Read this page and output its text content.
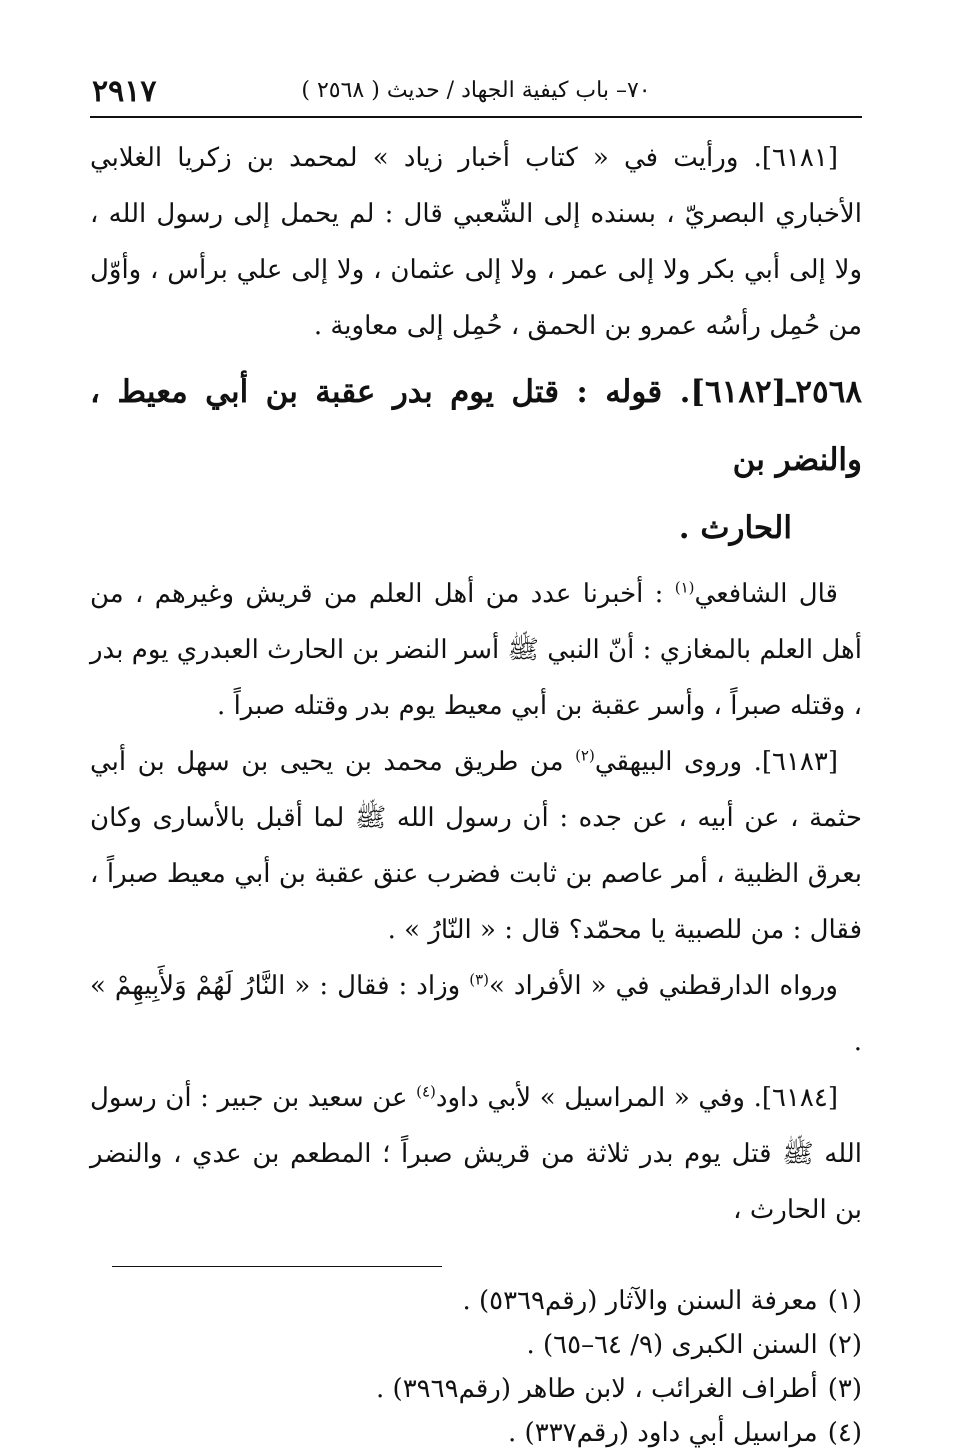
٧٠– باب كيفية الجهاد / حديث ( ٢٥٦٨ )
٢٩١٧

[٦١٨١]. ورأيت في « كتاب أخبار زياد » لمحمد بن زكريا الغلابي الأخباري البصريّ ، بسنده إلى الشّعبي قال : لم يحمل إلى رسول الله ، ولا إلى أبي بكر ولا إلى عمر ، ولا إلى عثمان ، ولا إلى علي برأس ، وأوّل من حُمِل رأسُه عمرو بن الحمق ، حُمِل إلى معاوية .

٢٥٦٨ـ[٦١٨٢]. قوله : قتل يوم بدر عقبة بن أبي معيط ، والنضر بن
الحارث .

قال الشافعي$^{(١)}$ : أخبرنا عدد من أهل العلم من قريش وغيرهم ، من أهل العلم بالمغازي : أنّ النبي ﷺ أسر النضر بن الحارث العبدري يوم بدر ، وقتله صبراً ، وأسر عقبة بن أبي معيط يوم بدر وقتله صبراً .

[٦١٨٣]. وروى البيهقي$^{(٢)}$ من طريق محمد بن يحيى بن سهل بن أبي حثمة ، عن أبيه ، عن جده : أن رسول الله ﷺ لما أقبل بالأسارى وكان بعرق الظبية ، أمر عاصم بن ثابت فضرب عنق عقبة بن أبي معيط صبراً ، فقال : من للصبية يا محمّد؟ قال : « النّارُ » .

ورواه الدارقطني في « الأفراد »$^{(٣)}$ وزاد : فقال : « النَّارُ لَهُمْ وَلأَبِيهِمْ » .

[٦١٨٤]. وفي « المراسيل » لأبي داود$^{(٤)}$ عن سعيد بن جبير : أن رسول الله ﷺ قتل يوم بدر ثلاثة من قريش صبراً ؛ المطعم بن عدي ، والنضر بن الحارث ،

(١)معرفة السنن والآثار (رقم٥٣٦٩) .

(٢)السنن الكبرى (٩/ ٦٤–٦٥) .

(٣)أطراف الغرائب ، لابن طاهر (رقم٣٩٦٩) .

(٤)مراسيل أبي داود (رقم٣٣٧) .
